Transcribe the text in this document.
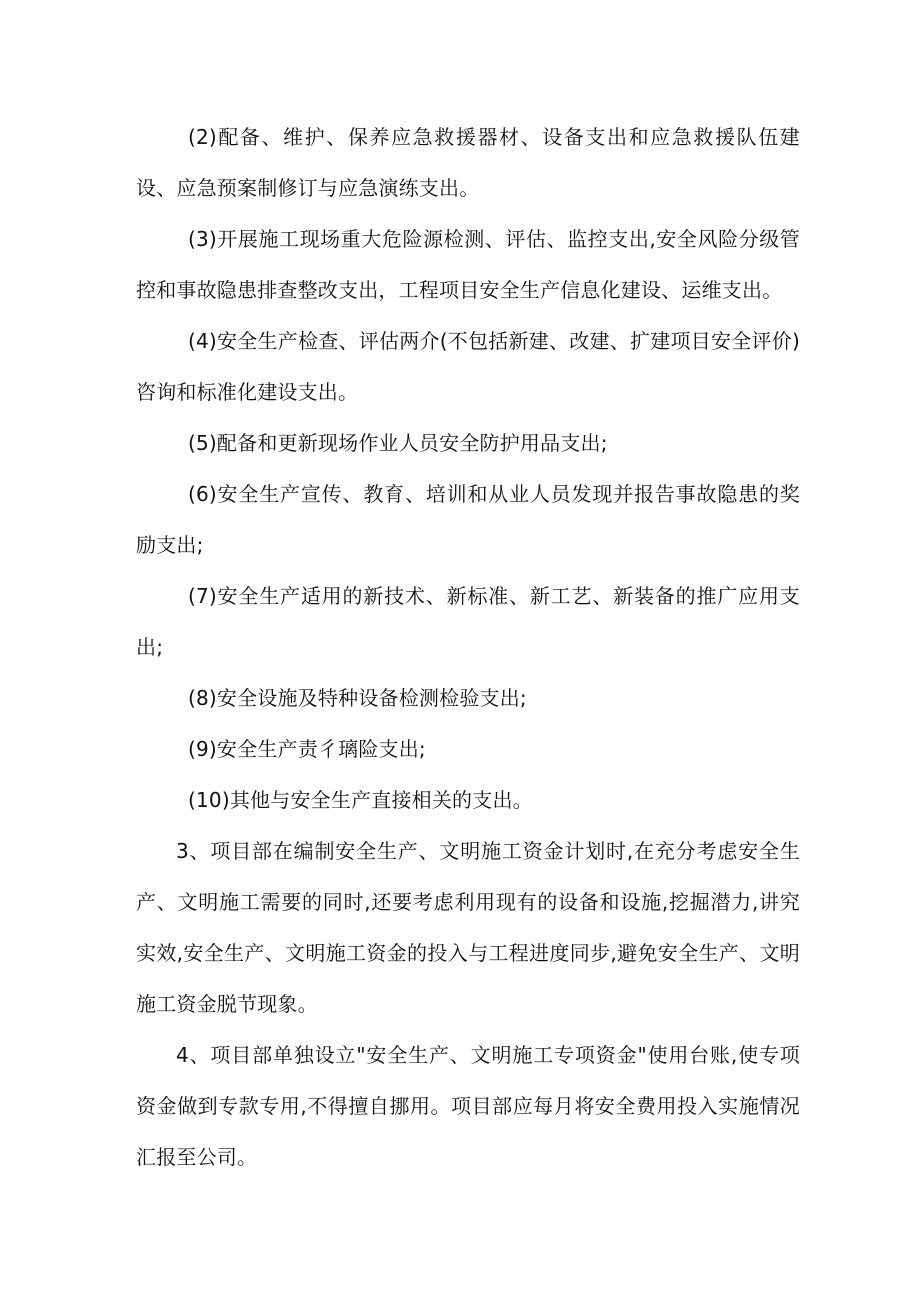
(2)配备、维护、保养应急救援器材、设备支出和应急救援队伍建设、应急预案制修订与应急演练支出。

(3)开展施工现场重大危险源检测、评估、监控支出,安全风险分级管控和事故隐患排查整改支出，工程项目安全生产信息化建设、运维支出。

(4)安全生产检查、评估两介(不包括新建、改建、扩建项目安全评价)咨询和标准化建设支出。

(5)配备和更新现场作业人员安全防护用品支出;

(6)安全生产宣传、教育、培训和从业人员发现并报告事故隐患的奖励支出;

(7)安全生产适用的新技术、新标准、新工艺、新装备的推广应用支出;

(8)安全设施及特种设备检测检验支出;

(9)安全生产责彳璃险支出;

(10)其他与安全生产直接相关的支出。

3、项目部在编制安全生产、文明施工资金计划时,在充分考虑安全生产、文明施工需要的同时,还要考虑利用现有的设备和设施,挖掘潜力,讲究实效,安全生产、文明施工资金的投入与工程进度同步,避免安全生产、文明施工资金脱节现象。

4、项目部单独设立"安全生产、文明施工专项资金"使用台账,使专项资金做到专款专用,不得擅自挪用。项目部应每月将安全费用投入实施情况汇报至公司。
